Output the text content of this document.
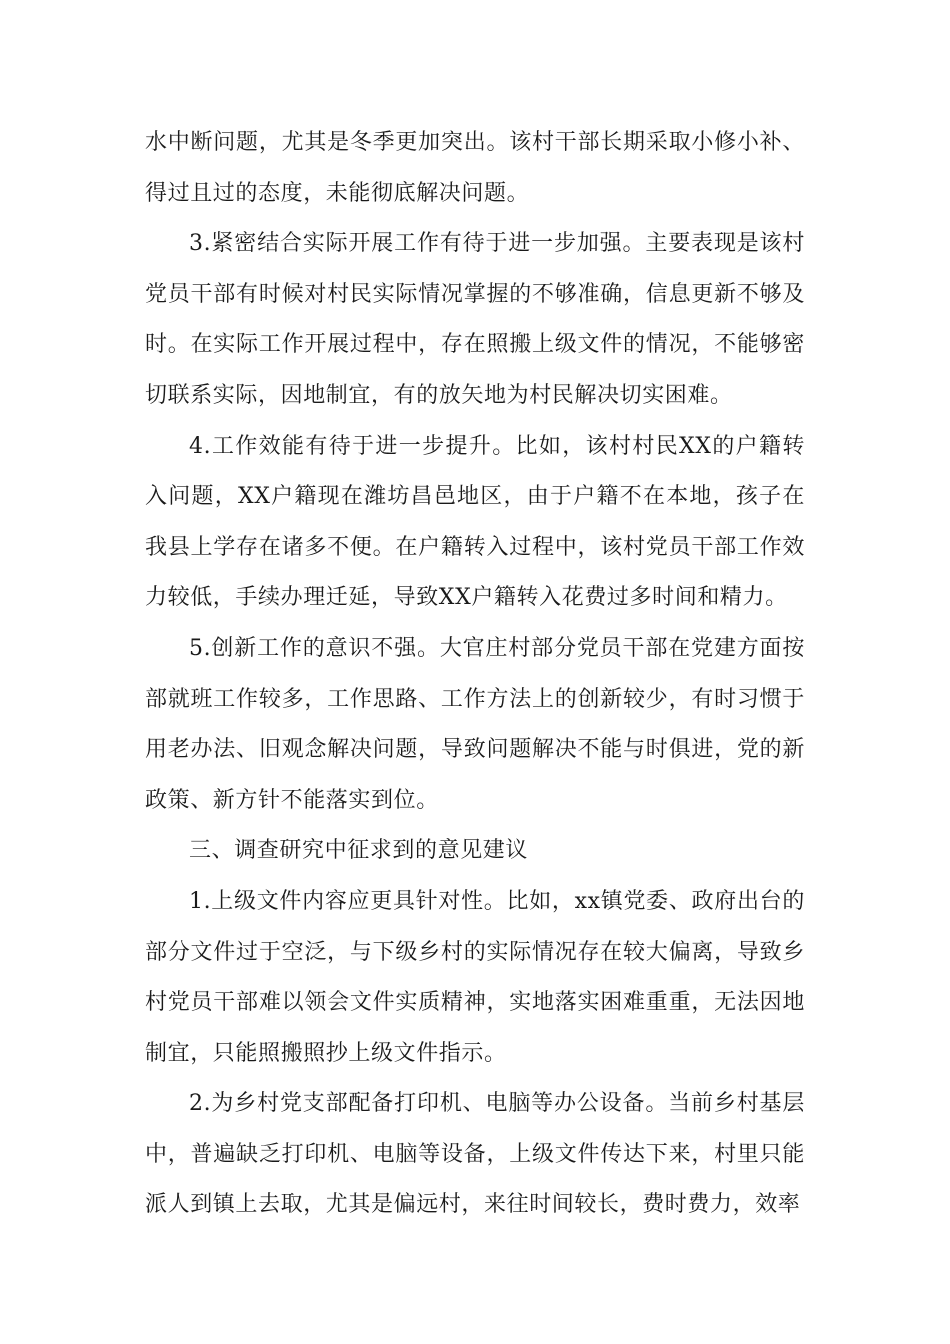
水中断问题，尤其是冬季更加突出。该村干部长期采取小修小补、得过且过的态度，未能彻底解决问题。

3.紧密结合实际开展工作有待于进一步加强。主要表现是该村党员干部有时候对村民实际情况掌握的不够准确，信息更新不够及时。在实际工作开展过程中，存在照搬上级文件的情况，不能够密切联系实际，因地制宜，有的放矢地为村民解决切实困难。

4.工作效能有待于进一步提升。比如，该村村民XX的户籍转入问题，XX户籍现在潍坊昌邑地区，由于户籍不在本地，孩子在我县上学存在诸多不便。在户籍转入过程中，该村党员干部工作效力较低，手续办理迁延，导致XX户籍转入花费过多时间和精力。

5.创新工作的意识不强。大官庄村部分党员干部在党建方面按部就班工作较多，工作思路、工作方法上的创新较少，有时习惯于用老办法、旧观念解决问题，导致问题解决不能与时俱进，党的新政策、新方针不能落实到位。

三、调查研究中征求到的意见建议

1.上级文件内容应更具针对性。比如，xx镇党委、政府出台的部分文件过于空泛，与下级乡村的实际情况存在较大偏离，导致乡村党员干部难以领会文件实质精神，实地落实困难重重，无法因地制宜，只能照搬照抄上级文件指示。

2.为乡村党支部配备打印机、电脑等办公设备。当前乡村基层中，普遍缺乏打印机、电脑等设备，上级文件传达下来，村里只能派人到镇上去取，尤其是偏远村，来往时间较长，费时费力，效率
